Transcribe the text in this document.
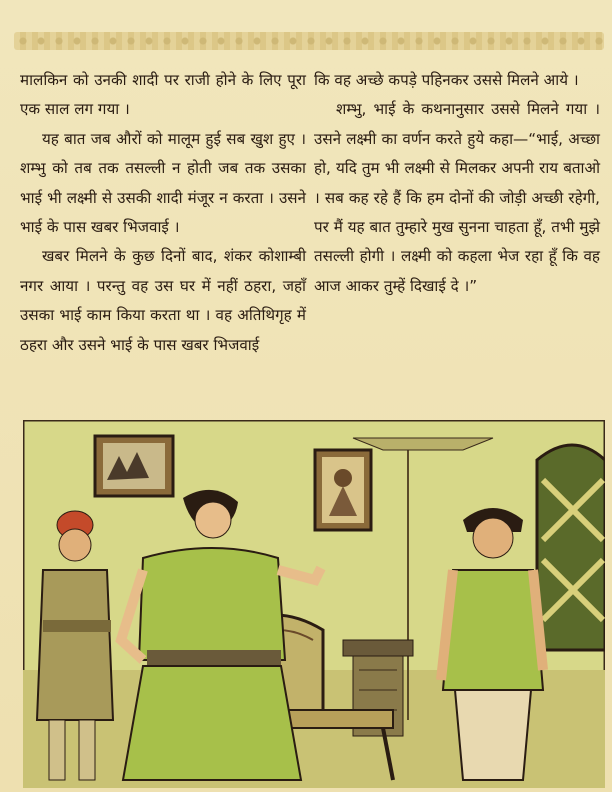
मालकिन को उनकी शादी पर राजी होने के लिए पूरा एक साल लग गया ।

यह बात जब औरों को मालूम हुई सब खुश हुए । शम्भु को तब तक तसल्ली न होती जब तक उसका भाई भी लक्ष्मी से उसकी शादी मंजूर न करता । उसने भाई के पास खबर भिजवाई ।

खबर मिलने के कुछ दिनों बाद, शंकर कोशाम्बी नगर आया । परन्तु वह उस घर में नहीं ठहरा, जहाँ उसका भाई काम किया करता था । वह अतिथिगृह में ठहरा और उसने भाई के पास खबर भिजवाई

कि वह अच्छे कपड़े पहिनकर उससे मिलने आये ।

शम्भु, भाई के कथनानुसार उससे मिलने गया । उसने लक्ष्मी का वर्णन करते हुये कहा—“भाई, अच्छा हो, यदि तुम भी लक्ष्मी से मिलकर अपनी राय बताओ । सब कह रहे हैं कि हम दोनों की जोड़ी अच्छी रहेगी, पर मैं यह बात तुम्हारे मुख सुनना चाहता हूँ, तभी मुझे तसल्ली होगी । लक्ष्मी को कहला भेज रहा हूँ कि वह आज आकर तुम्हें दिखाई दे ।”
